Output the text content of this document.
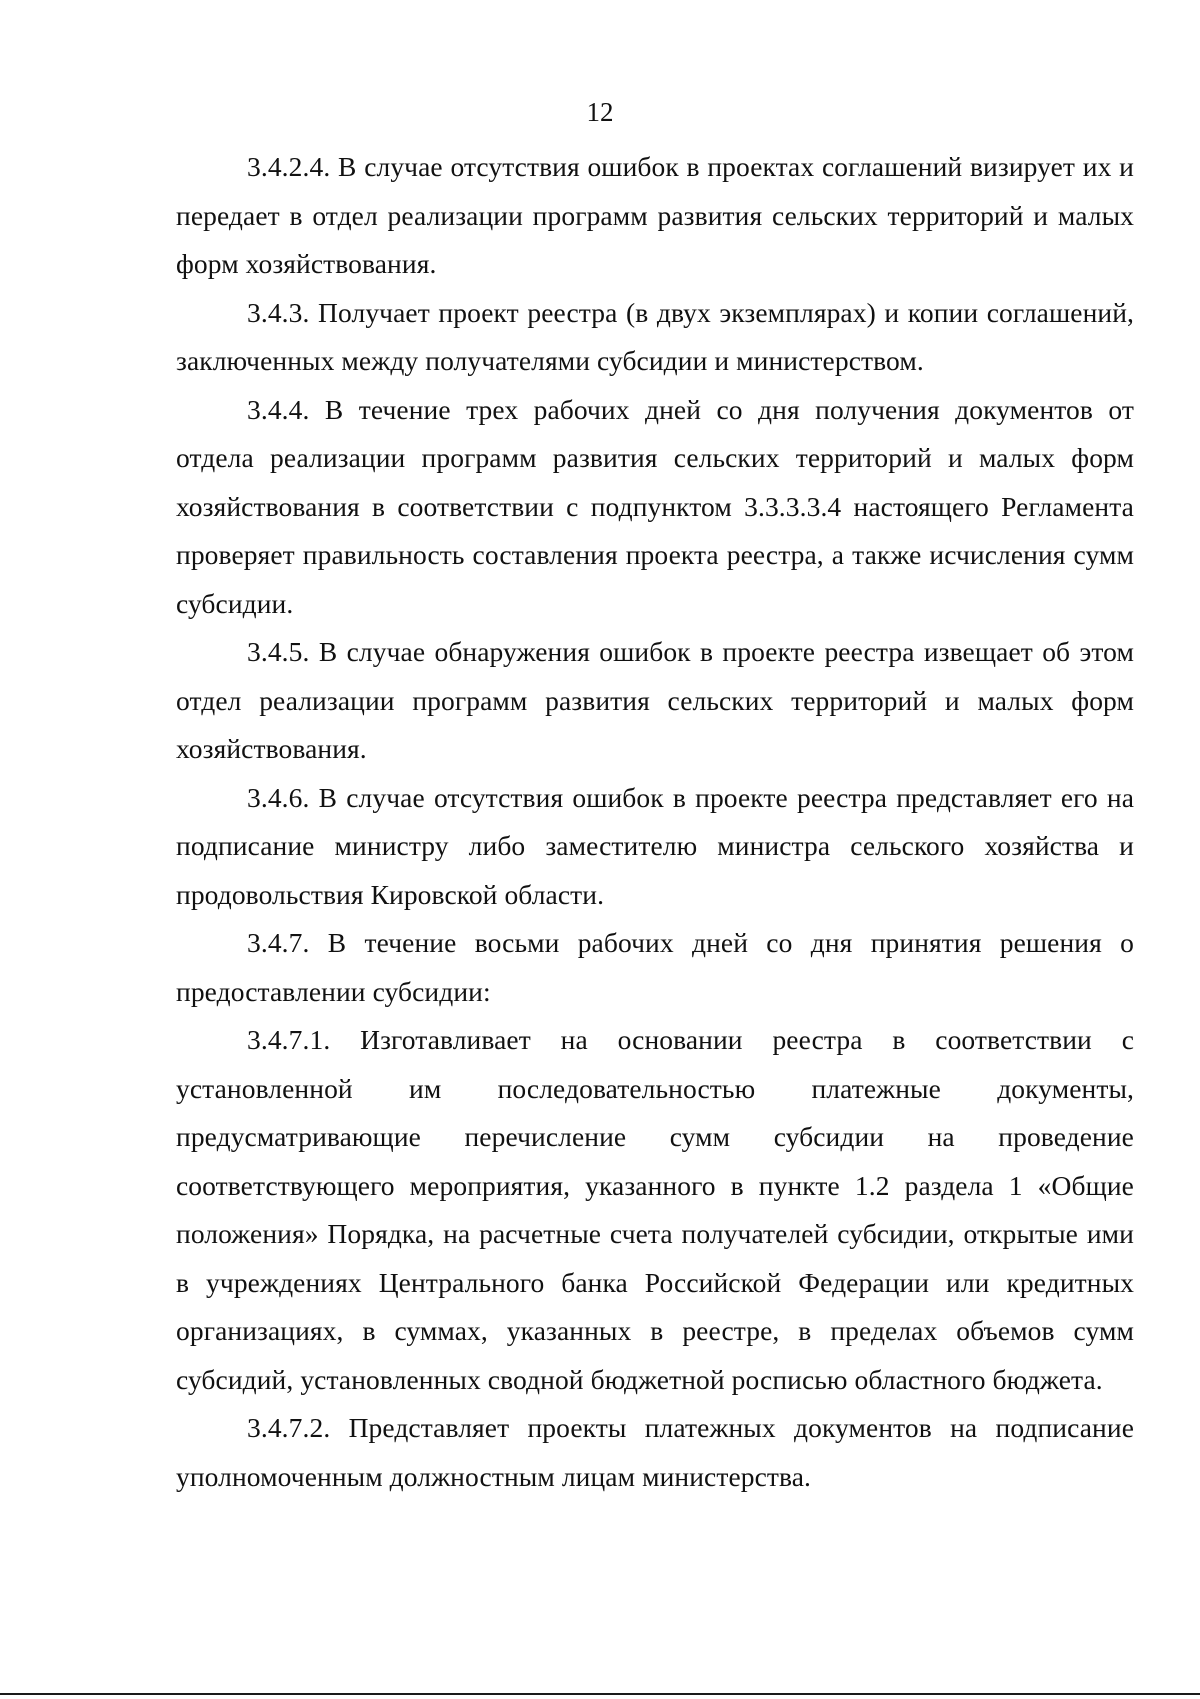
12

3.4.2.4. В случае отсутствия ошибок в проектах соглашений визирует их и передает в отдел реализации программ развития сельских территорий и малых форм хозяйствования.

3.4.3. Получает проект реестра (в двух экземплярах) и копии соглашений, заключенных между получателями субсидии и министерством.

3.4.4. В течение трех рабочих дней со дня получения документов от отдела реализации программ развития сельских территорий и малых форм хозяйствования в соответствии с подпунктом 3.3.3.3.4 настоящего Регламента проверяет правильность составления проекта реестра, а также исчисления сумм субсидии.

3.4.5. В случае обнаружения ошибок в проекте реестра извещает об этом отдел реализации программ развития сельских территорий и малых форм хозяйствования.

3.4.6. В случае отсутствия ошибок в проекте реестра представляет его на подписание министру либо заместителю министра сельского хозяйства и продовольствия Кировской области.

3.4.7. В течение восьми рабочих дней со дня принятия решения о предоставлении субсидии:

3.4.7.1. Изготавливает на основании реестра в соответствии с установленной им последовательностью платежные документы, предусматривающие перечисление сумм субсидии на проведение соответствующего мероприятия, указанного в пункте 1.2 раздела 1 «Общие положения» Порядка, на расчетные счета получателей субсидии, открытые ими в учреждениях Центрального банка Российской Федерации или кредитных организациях, в суммах, указанных в реестре, в пределах объемов сумм субсидий, установленных сводной бюджетной росписью областного бюджета.

3.4.7.2. Представляет проекты платежных документов на подписание уполномоченным должностным лицам министерства.
